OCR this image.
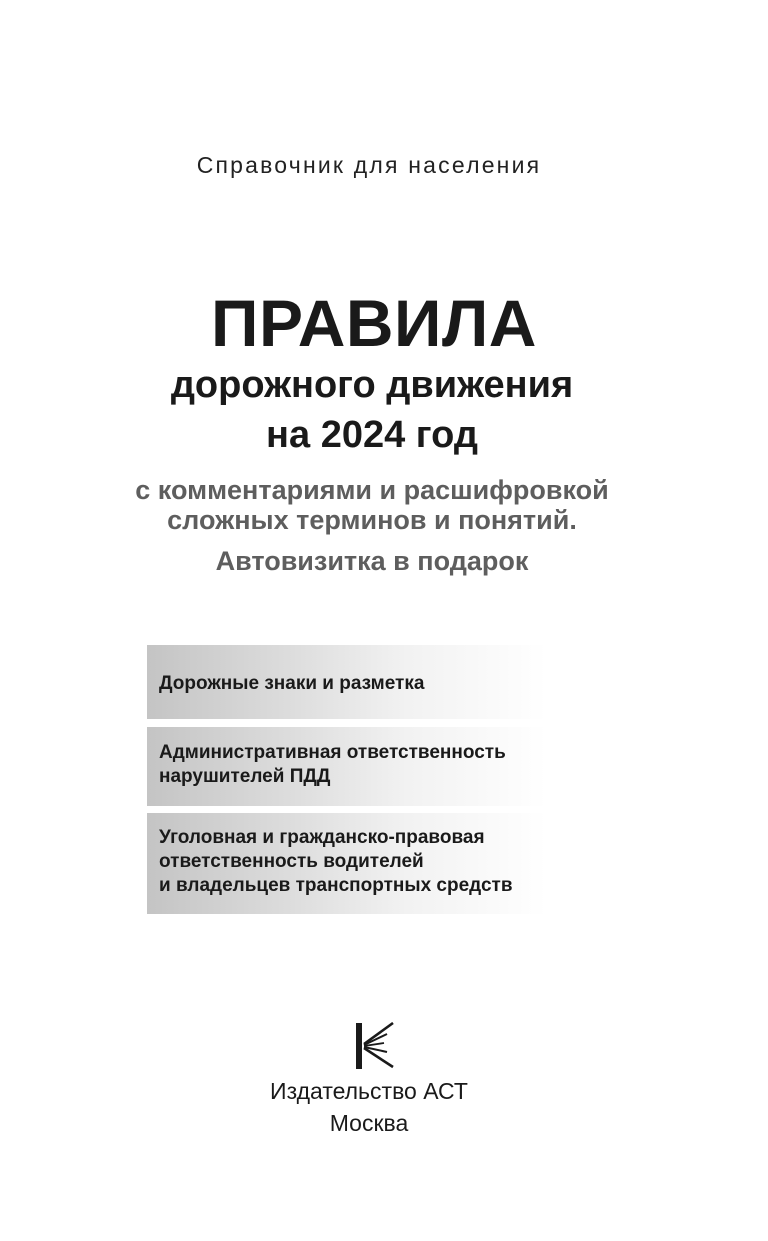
Справочник для населения
ПРАВИЛА
дорожного движения
на 2024 год
с комментариями и расшифровкой
сложных терминов и понятий.
Автовизитка в подарок
Дорожные знаки и разметка
Административная ответственность
нарушителей ПДД
Уголовная и гражданско-правовая
ответственность водителей
и владельцев транспортных средств
Издательство АСТ
Москва
